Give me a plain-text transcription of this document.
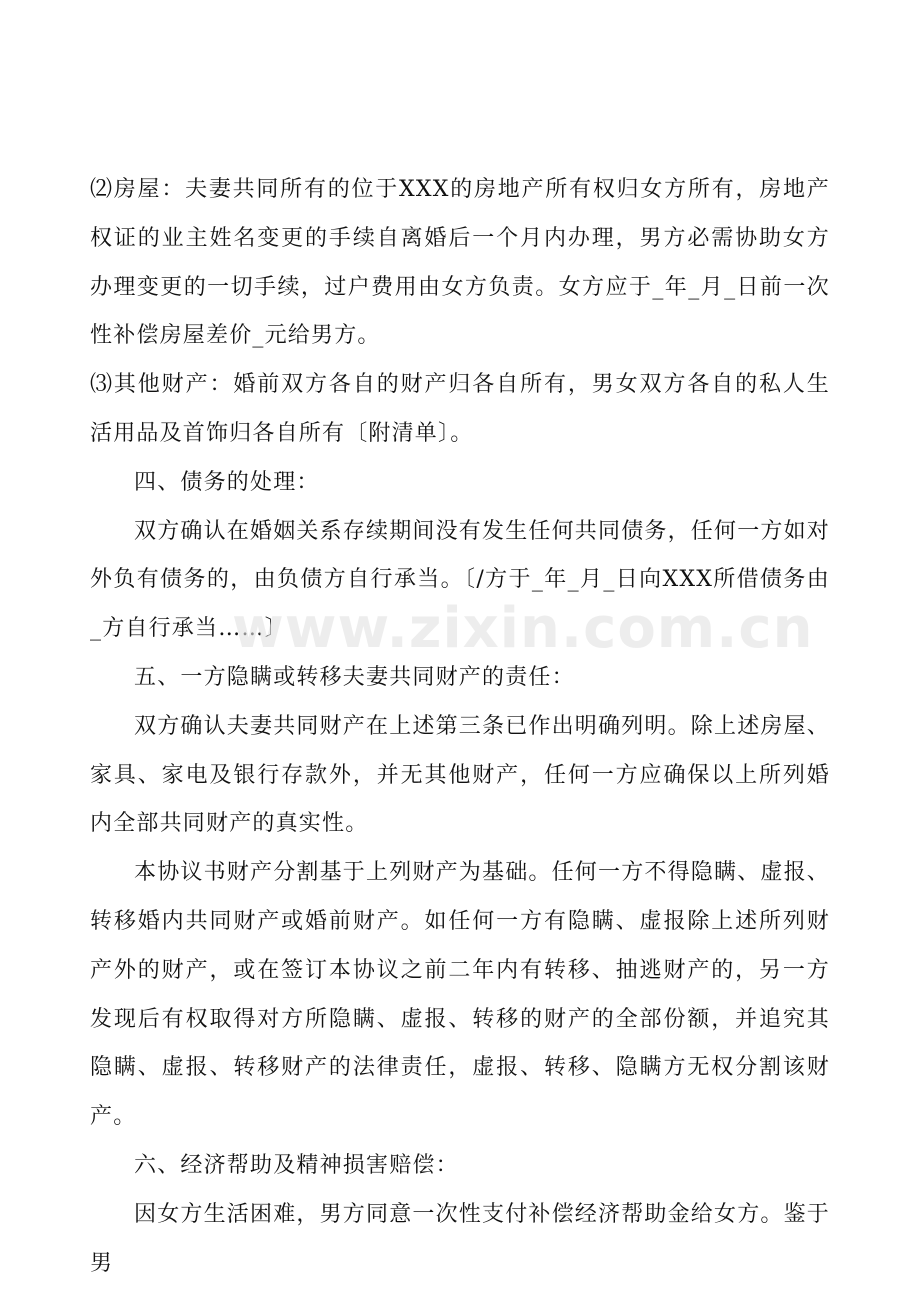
⑵房屋：夫妻共同所有的位于XXX的房地产所有权归女方所有，房地产权证的业主姓名变更的手续自离婚后一个月内办理，男方必需协助女方办理变更的一切手续，过户费用由女方负责。女方应于_年_月_日前一次性补偿房屋差价_元给男方。

⑶其他财产：婚前双方各自的财产归各自所有，男女双方各自的私人生活用品及首饰归各自所有〔附清单〕。

四、债务的处理：

双方确认在婚姻关系存续期间没有发生任何共同债务，任何一方如对外负有债务的，由负债方自行承当。〔/方于_年_月_日向XXX所借债务由_方自行承当……〕

五、一方隐瞒或转移夫妻共同财产的责任：

双方确认夫妻共同财产在上述第三条已作出明确列明。除上述房屋、家具、家电及银行存款外，并无其他财产，任何一方应确保以上所列婚内全部共同财产的真实性。

本协议书财产分割基于上列财产为基础。任何一方不得隐瞒、虚报、转移婚内共同财产或婚前财产。如任何一方有隐瞒、虚报除上述所列财产外的财产，或在签订本协议之前二年内有转移、抽逃财产的，另一方发现后有权取得对方所隐瞒、虚报、转移的财产的全部份额，并追究其隐瞒、虚报、转移财产的法律责任，虚报、转移、隐瞒方无权分割该财产。

六、经济帮助及精神损害赔偿：

因女方生活困难，男方同意一次性支付补偿经济帮助金给女方。鉴于男

www.zixin.com.cn
